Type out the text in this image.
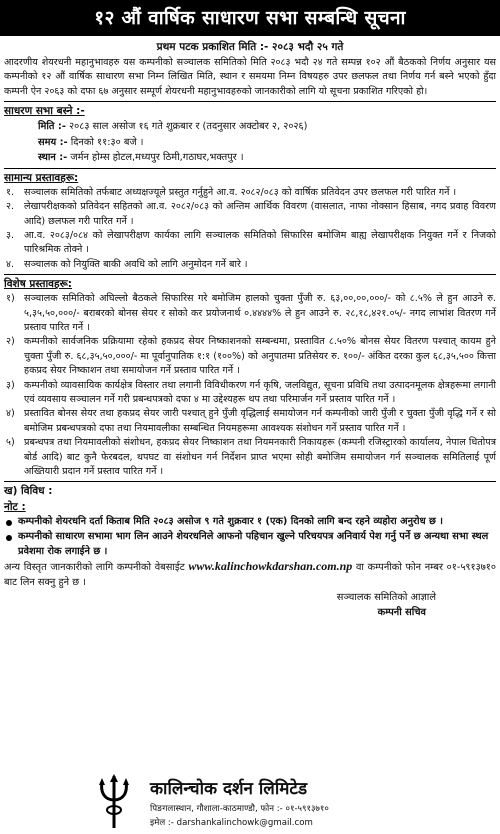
१२ औं वार्षिक साधारण सभा सम्बन्धि सूचना
प्रथम पटक प्रकाशित मिति :- २०८३ भदौ २५ गते

आदरणीय शेयरधनी महानुभावहरु यस कम्पनीको सञ्चालक समितिको मिति २०८३ भदौ २४ गते सम्पन्न १०२ औं बैठकको निर्णय अनुसार यस कम्पनीको १२ औं वार्षिक साधारण सभा निम्न लिखित मिति, स्थान र समयमा निम्न विषयहरु उपर छलफल तथा निर्णय गर्न बस्ने भएको हुँदा कम्पनी ऐन २०६३ को दफा ६७ अनुसार सम्पूर्ण शेयरधनी महानुभावहरुको जानकारीको लागि यो सूचना प्रकाशित गरिएको हो।

साधरण सभा बस्ने :-
मिति :- २०८३ साल असोज १६ गते शुक्रबार र (तदनुसार अक्टोबर २, २०२६)
समय :- दिनको ११:३० बजे ।
स्थान :- जर्मन होम्स होटल,मध्यपुर ठिमी,गठाघर,भक्तपुर ।
सामान्य प्रस्तावहरू:
१. सञ्चालक समितिको तर्फबाट अध्यक्षज्यूले प्रस्तुत गर्नुहुने आ.व. २०८२/०८३ को वार्षिक प्रतिवेदन उपर छलफल गरी पारित गर्ने ।
२. लेखापरीक्षकको प्रतिवेदन सहितको आ.व. २०८२/०८३ को अन्तिम आर्थिक विवरण (वासलात, नाफा नोक्सान हिसाब, नगद प्रवाह विवरण आदि) छलफल गरी पारित गर्ने ।
३. आ.व. २०८३/०८४ को लेखापरीक्षण कार्यका लागि सञ्चालक समितिको सिफारिस बमोजिम बाह्य लेखापरीक्षक नियुक्त गर्ने र निजको पारिश्रमिक तोक्ने ।
४. सञ्चालक को नियुक्ति बाकी अवधि को लागि अनुमोदन गर्ने बारे ।
विशेष प्रस्तावहरू:
१) सञ्चालक समितिको अघिल्लो बैठकले सिफारिस गरे बमोजिम हालको चुक्ता पुँजी रु. ६३,००,००,०००/- को ८.५% ले हुन आउने रु. ५,३५,५०,०००/- बराबरको बोनस सेयर र सोको कर प्रयोजनार्थ ०.४४४४% ले हुन आउने रु. २८,१८,४२१.०५/- नगद लाभांश वितरण गर्ने प्रस्ताव पारित गर्ने ।
२) कम्पनीको सार्वजनिक प्रक्रियामा रहेको हकप्रद सेयर निष्काशनको सम्बन्धमा, प्रस्तावित ८.५०% बोनस सेयर वितरण पश्चात् कायम हुने चुक्ता पुँजी रु. ६८,३५,५०,०००/- मा पूर्वानुपातिक १:१ (१००%) को अनुपातमा प्रतिसेयर रु. १००/- अंकित दरका कुल ६८,३५,५०० कित्ता हकप्रद सेयर निष्काशन तथा समायोजन गर्ने प्रस्ताव पारित गर्ने ।
३) कम्पनीको व्यावसायिक कार्यक्षेत्र विस्तार तथा लगानी विविधीकरण गर्न कृषि, जलविद्युत, सूचना प्रविधि तथा उत्पादनमूलक क्षेत्रहरूमा लगानी एवं व्यवसाय सञ्चालन गर्ने गरी प्रबन्धपत्रको दफा ४ मा उद्देश्यहरू थप तथा परिमार्जन गर्ने प्रस्ताव पारित गर्ने ।
४) प्रस्तावित बोनस सेयर तथा हकप्रद सेयर जारी पश्चात् हुने पुँजी वृद्धिलाई समायोजन गर्न कम्पनीको जारी पुँजी र चुक्ता पुँजी वृद्धि गर्ने र सो बमोजिम प्रबन्धपत्रको दफा तथा नियमावलीका सम्बन्धित नियमहरूमा आवश्यक संशोधन गर्ने प्रस्ताव पारित गर्ने ।
५) प्रबन्धपत्र तथा नियमावलीको संशोधन, हकप्रद सेयर निष्काशन तथा नियमनकारी निकायहरू (कम्पनी रजिस्ट्रारको कार्यालय, नेपाल धितोपत्र बोर्ड आदि) बाट कुनै फेरबदल, थपघट वा संशोधन गर्न निर्देशन प्राप्त भएमा सोही बमोजिम समायोजन गर्न सञ्चालक समितिलाई पूर्ण अख्तियारी प्रदान गर्ने प्रस्ताव पारित गर्ने ।
ख) विविध :
नोट :
कम्पनीको शेयरधनि दर्ता किताब मिति २०८३ असोज ९ गते शुक्रवार १ (एक) दिनको लागि बन्द रहने व्यहोरा अनुरोध छ ।
कम्पनीको साधारण सभामा भाग लिन आउने शेयरधनिले आफनो पहिचान खुल्ने परिचयपत्र अनिवार्य पेश गर्नु पर्ने छ अन्यथा सभा स्थल प्रवेशमा रोक लगाईने छ ।

अन्य विस्तृत जानकारीको लागि कम्पनीको वेबसाईट www.kalinchowkdarshan.com.np वा कम्पनीको फोन नम्बर ०१-५९१३७१० बाट लिन सक्नु हुने छ ।

सञ्चालक समितिको आज्ञाले
कम्पनी सचिव
कालिन्चोक दर्शन लिमिटेड
पिङगलास्थान, गौशाला-काठमाण्डौ, फोन :- ०१-५९१३७१०
इमेल :- darshankalinchowk@gmail.com
